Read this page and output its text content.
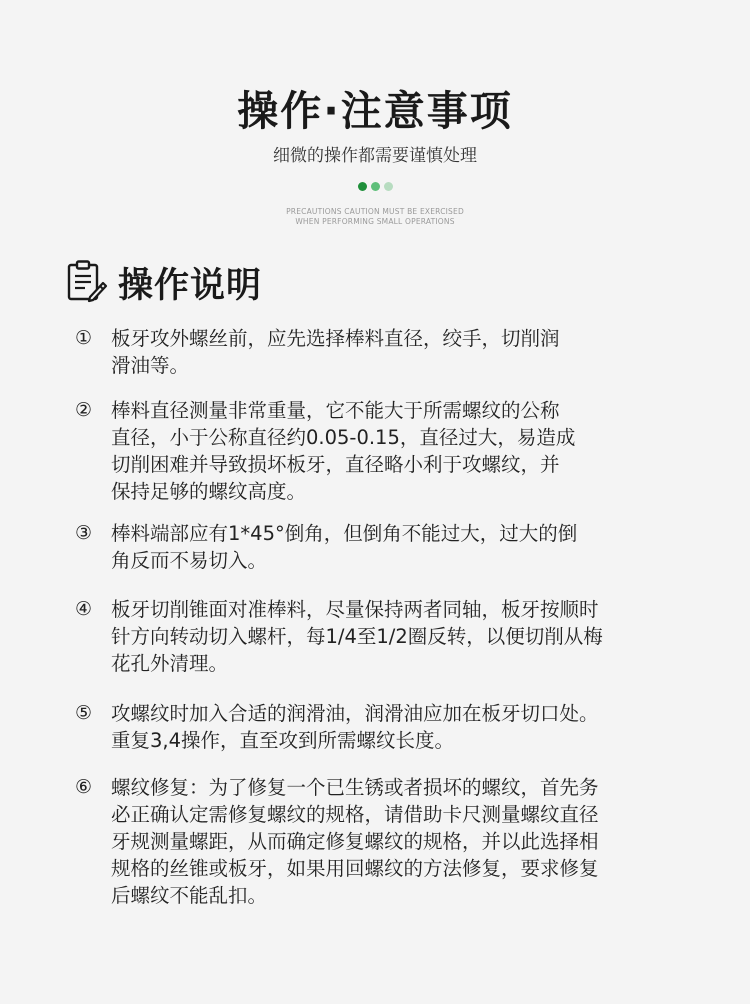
操作·注意事项
细微的操作都需要谨慎处理
PRECAUTIONS CAUTION MUST BE EXERCISED
WHEN PERFORMING SMALL OPERATIONS
操作说明
① 板牙攻外螺丝前，应先选择棒料直径，绞手，切削润
滑油等。
② 棒料直径测量非常重量，它不能大于所需螺纹的公称
直径，小于公称直径约0.05-0.15，直径过大，易造成
切削困难并导致损坏板牙，直径略小利于攻螺纹，并
保持足够的螺纹高度。
③ 棒料端部应有1*45°倒角，但倒角不能过大，过大的倒
角反而不易切入。
④ 板牙切削锥面对准棒料，尽量保持两者同轴，板牙按顺时
针方向转动切入螺杆，每1/4至1/2圈反转，以便切削从梅
花孔外清理。
⑤ 攻螺纹时加入合适的润滑油，润滑油应加在板牙切口处。
重复3,4操作，直至攻到所需螺纹长度。
⑥ 螺纹修复：为了修复一个已生锈或者损坏的螺纹，首先务
必正确认定需修复螺纹的规格，请借助卡尺测量螺纹直径
牙规测量螺距，从而确定修复螺纹的规格，并以此选择相
规格的丝锥或板牙，如果用回螺纹的方法修复，要求修复
后螺纹不能乱扣。
